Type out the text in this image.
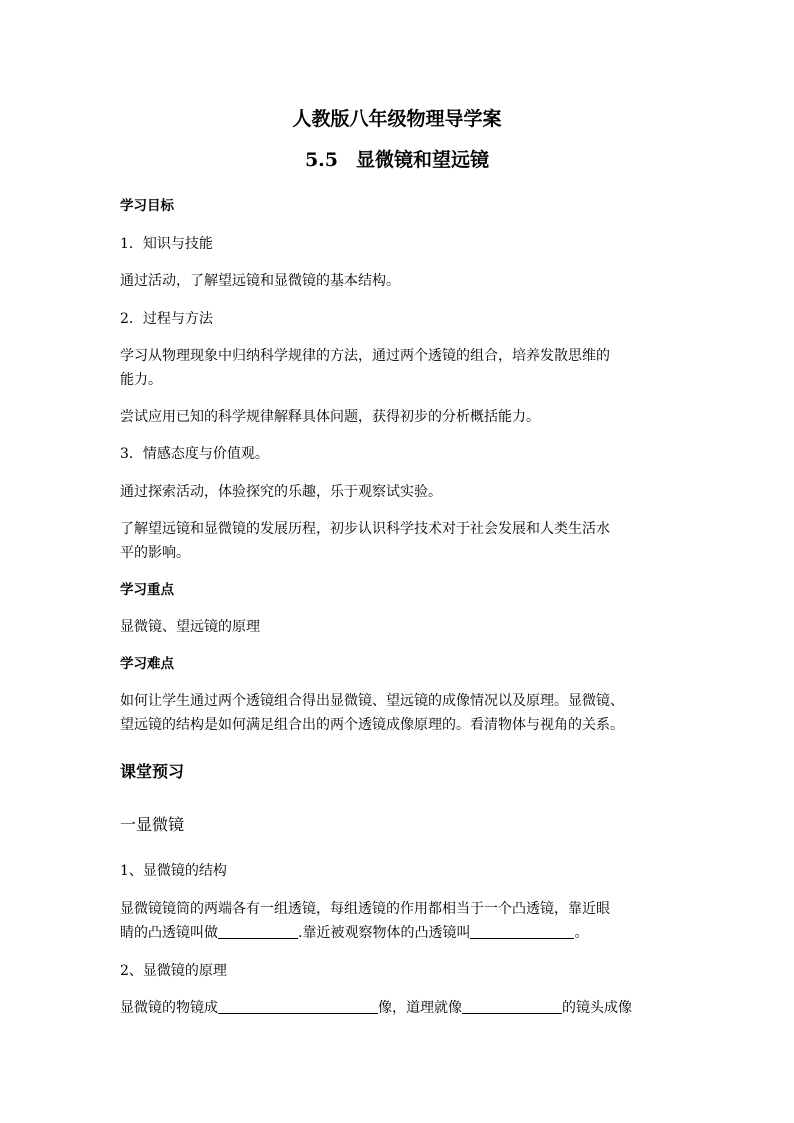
人教版八年级物理导学案
5.5 显微镜和望远镜
学习目标
1．知识与技能
通过活动，了解望远镜和显微镜的基本结构。
2．过程与方法
学习从物理现象中归纳科学规律的方法，通过两个透镜的组合，培养发散思维的
能力。
尝试应用已知的科学规律解释具体问题，获得初步的分析概括能力。
3．情感态度与价值观。
通过探索活动，体验探究的乐趣，乐于观察试实验。
了解望远镜和显微镜的发展历程，初步认识科学技术对于社会发展和人类生活水
平的影响。
学习重点
显微镜、望远镜的原理
学习难点
如何让学生通过两个透镜组合得出显微镜、望远镜的成像情况以及原理。显微镜、
望远镜的结构是如何满足组合出的两个透镜成像原理的。看清物体与视角的关系。
课堂预习
一显微镜
1、显微镜的结构
显微镜镜筒的两端各有一组透镜，每组透镜的作用都相当于一个凸透镜，靠近眼
睛的凸透镜叫做	.靠近被观察物体的凸透镜叫	。
2、显微镜的原理
显微镜的物镜成	像，道理就像	的镜头成像
